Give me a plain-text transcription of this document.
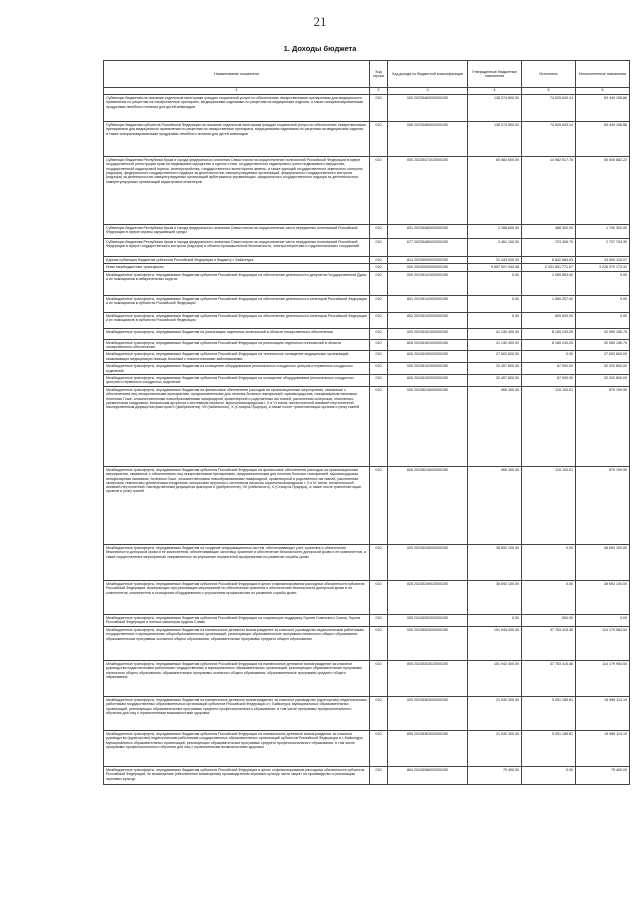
21
1. Доходы бюджета
Наименование показателя	Код строки	Код дохода по бюджетной классификации	Утвержденные бюджетные назначения	Исполнено	Неисполненные назначения
1	2	3	4	5	6
Субвенции бюджетам на оказание отдельным категориям граждан социальной услуги по обеспечению лекарственными препаратами для медицинского применения по рецептам на лекарственные препараты, медицинскими изделиями по рецептам на медицинские изделия, а также специализированными продуктами лечебного питания для детей-инвалидов	010	000 20235460000000150	138 274 800.00	74 825 643.14	63 449 156.86
Субвенции бюджетам субъектов Российской Федерации на оказание отдельным категориям граждан социальной услуги по обеспечению лекарственными препаратами для медицинского применения по рецептам на лекарственные препараты, медицинскими изделиями по рецептам на медицинские изделия, а также специализированными продуктами лечебного питания для детей-инвалидов	010	056 20235460020000150	138 274 800.00	74 825 643.14	63 449 156.86
Субвенции бюджетам Республики Крым и города федерального значения Севастополя на осуществление полномочий Российской Федерации в сфере государственной регистрации прав на недвижимое имущество и сделок с ним, государственного кадастрового учета недвижимого имущества, государственной кадастровой оценки, землеустройства, государственного мониторинга земель, а также функций государственного земельного контроля (надзора), федерального государственного надзора за деятельностью саморегулируемых организаций, федерального государственного контроля (надзора) за деятельностью саморегулируемых организаций арбитражных управляющих, федерального государственного надзора за деятельностью саморегулируемых организаций кадастровых инженеров	010	000 20235471020000150	65 583 600.00	14 982 917.78	50 600 682.22
Субвенции бюджетам Республики Крым и города федерального значения Севастополя на осуществление части переданных полномочий Российской Федерации в сфере охраны окружающей среды	010	831 20235480020000150	2 188 600.00	488 300.00	1 700 300.00
Субвенции бюджетам Республики Крым и города федерального значения Севастополя на осуществление части переданных полномочий Российской Федерации в сфере государственного контроля (надзора) в области промышленной безопасности, электроэнергетики и гидротехнических сооружений	010	677 20235486020000150	3 461 100.00	723 306.70	2 737 793.30
Единая субвенция бюджетам субъектов Российской Федерации и бюджету г. Байконура	010	814 20235900020000150	31 443 000.00	6 842 884.93	24 600 115.07
Иные межбюджетные трансферты	010	000 20240000000000150	5 657 921 944.38	2 431 651 771.07	3 226 270 173.31
Межбюджетные трансферты, передаваемые бюджетам субъектов Российской Федерации на обеспечение деятельности депутатов Государственной Думы и их помощников в избирательных округах	010	000 20245141020000150	0.00	2 069 804.00	0.00
Межбюджетные трансферты, передаваемые бюджетам субъектов Российской Федерации на обеспечение деятельности сенаторов Российской Федерации и их помощников в субъектах Российской Федерации	010	801 20245142020000150	0.00	1 560 207.00	0.00
Межбюджетные трансферты, передаваемые бюджетам субъектов Российской Федерации на обеспечение деятельности сенаторов Российской Федерации и их помощников в субъектах Российской Федерации	010	802 20245142020000150	0.00	509 600.00	0.00
Межбюджетные трансферты, передаваемые бюджетам на реализацию отдельных полномочий в области лекарственного обеспечения	010	000 20245161000000150	41 130 400.00	8 165 243.25	32 965 156.75
Межбюджетные трансферты, передаваемые бюджетам субъектов Российской Федерации на реализацию отдельных полномочий в области лекарственного обеспечения	010	826 20245161020000150	41 130 400.00	8 165 243.25	32 965 156.75
Межбюджетные трансферты, передаваемые бюджетам субъектов Российской Федерации на техническое оснащение медицинских организаций, оказывающих медицинскую помощь больным с онкологическими заболеваниями	010	826 20245190020000150	27 602 600.00	0.00	27 602 600.00
Межбюджетные трансферты, передаваемые бюджетам на оснащение оборудованием региональных сосудистых центров и первичных сосудистых отделений	010	000 20245192000000150	32 407 800.00	87 000.00	32 320 800.00
Межбюджетные трансферты, передаваемые бюджетам субъектов Российской Федерации на оснащение оборудованием региональных сосудистых центров и первичных сосудистых отделений	010	826 20245192020000150	32 407 800.00	87 000.00	32 320 800.00
Межбюджетные трансферты, передаваемые бюджетам на финансовое обеспечение расходов на организационные мероприятия, связанные с обеспечением лиц лекарственными препаратами, предназначенными для лечения больных гемофилией, муковисцидозом, гипофизарным нанизмом, болезнью Гоше, злокачественными новообразованиями лимфоидной, кроветворной и родственных им тканей, рассеянным склерозом, гемолитико-уремическим синдромом, юношеским артритом с системным началом, мукополисахаридозом I, II и VI типов, апластической анемией неуточненной, наследственным дефицитом факторов II (фибриногена), VII (лабильного), X (Стюарта-Прауэра), а также после трансплантации органов и (или) тканей	010	000 20245216000000150	968 300.00	119 100.01	879 199.99
Межбюджетные трансферты, передаваемые бюджетам субъектов Российской Федерации на финансовое обеспечение расходов на организационные мероприятия, связанные с обеспечением лиц лекарственными препаратами, предназначенными для лечения больных гемофилией, муковисцидозом, гипофизарным нанизмом, болезнью Гоше, злокачественными новообразованиями лимфоидной, кроветворной и родственных им тканей, рассеянным склерозом, гемолитико-уремическим синдромом, юношеским артритом с системным началом, мукополисахаридозом I, II и VI типов, апластической анемией неуточненной, наследственным дефицитом факторов II (фибриногена), VII (лабильного), X (Стюарта-Прауэра), а также после трансплантации органов и (или) тканей	010	826 20245216020000150	968 300.00	119 100.01	879 199.99
Межбюджетные трансферты, передаваемые бюджетам на создание информационных систем, обеспечивающих учет, хранение и обеспечение безопасности донорской крови и ее компонентов, обеспечивающих заготовку, хранение и обеспечение безопасности донорской крови и ее компонентов, а также осуществление мероприятий, направленных на улучшение показателей профилактики по развитию службы крови	010	000 20245249000000150	38 692 100.00	0.00	38 692 100.00
Межбюджетные трансферты, передаваемые бюджетам субъектов Российской Федерации в целях софинансирования расходных обязательств субъектов Российской Федерации, возникающих при реализации мероприятий по обеспечению хранения и обеспечению безопасности донорской крови и ее компонентов, компонентов и оснащения оборудованием с улучшением профилактики по развитию службы крови	010	826 20245249020000150	38 692 100.00	0.00	38 692 100.00
Межбюджетные трансферты, передаваемые бюджетам субъектов Российской Федерации на социальную поддержку Героев Советского Союза, Героев Российской Федерации и полных кавалеров ордена Славы	010	055 20245252020000150	0.00	500.00	0.00
Межбюджетные трансферты, передаваемые бюджетам на ежемесячное денежное вознаграждение за классное руководство педагогическим работникам государственных и муниципальных общеобразовательных организаций, реализующих образовательные программы начального общего образования, образовательные программы основного общего образования, образовательные программы среднего общего образования	010	000 20245303000000150	151 943 400.00	37 763 415.46	114 179 984.54
Межбюджетные трансферты, передаваемые бюджетам субъектов Российской Федерации на ежемесячное денежное вознаграждение за классное руководство педагогическим работникам государственных и муниципальных образовательных организаций, реализующих образовательные программы начального общего образования, образовательные программы основного общего образования, образовательные программы среднего общего образования	010	805 20245303020000150	151 943 400.00	37 763 415.46	114 179 984.54
Межбюджетные трансферты, передаваемые бюджетам на ежемесячное денежное вознаграждение за классное руководство (кураторство) педагогическим работникам государственных образовательных организаций субъектов Российской Федерации и г. Байконура, муниципальных образовательных организаций, реализующих образовательные программы среднего профессионального образования, в том числе программы профессионального обучения для лиц с ограниченными возможностями здоровья	010	000 20245363000000150	21 040 300.00	5 051 185.81	15 989 114.19
Межбюджетные трансферты, передаваемые бюджетам субъектов Российской Федерации на ежемесячное денежное вознаграждение за классное руководство (кураторство) педагогическим работникам государственных образовательных организаций субъектов Российской Федерации и г. Байконура, муниципальных образовательных организаций, реализующих образовательные программы среднего профессионального образования, в том числе программы профессионального обучения для лиц с ограниченными возможностями здоровья	010	805 20245363020000150	21 040 300.00	5 051 185.81	15 989 114.19
Межбюджетные трансферты, передаваемые бюджетам субъектов Российской Федерации в целях софинансирования расходных обязательств субъектов Российской Федерации, по возмещению (обеспечению возмещения) производителям зерновых культур части затрат на производство и реализацию зерновых культур	010	864 20245366020000150	79 400.00	0.00	79 400.00
